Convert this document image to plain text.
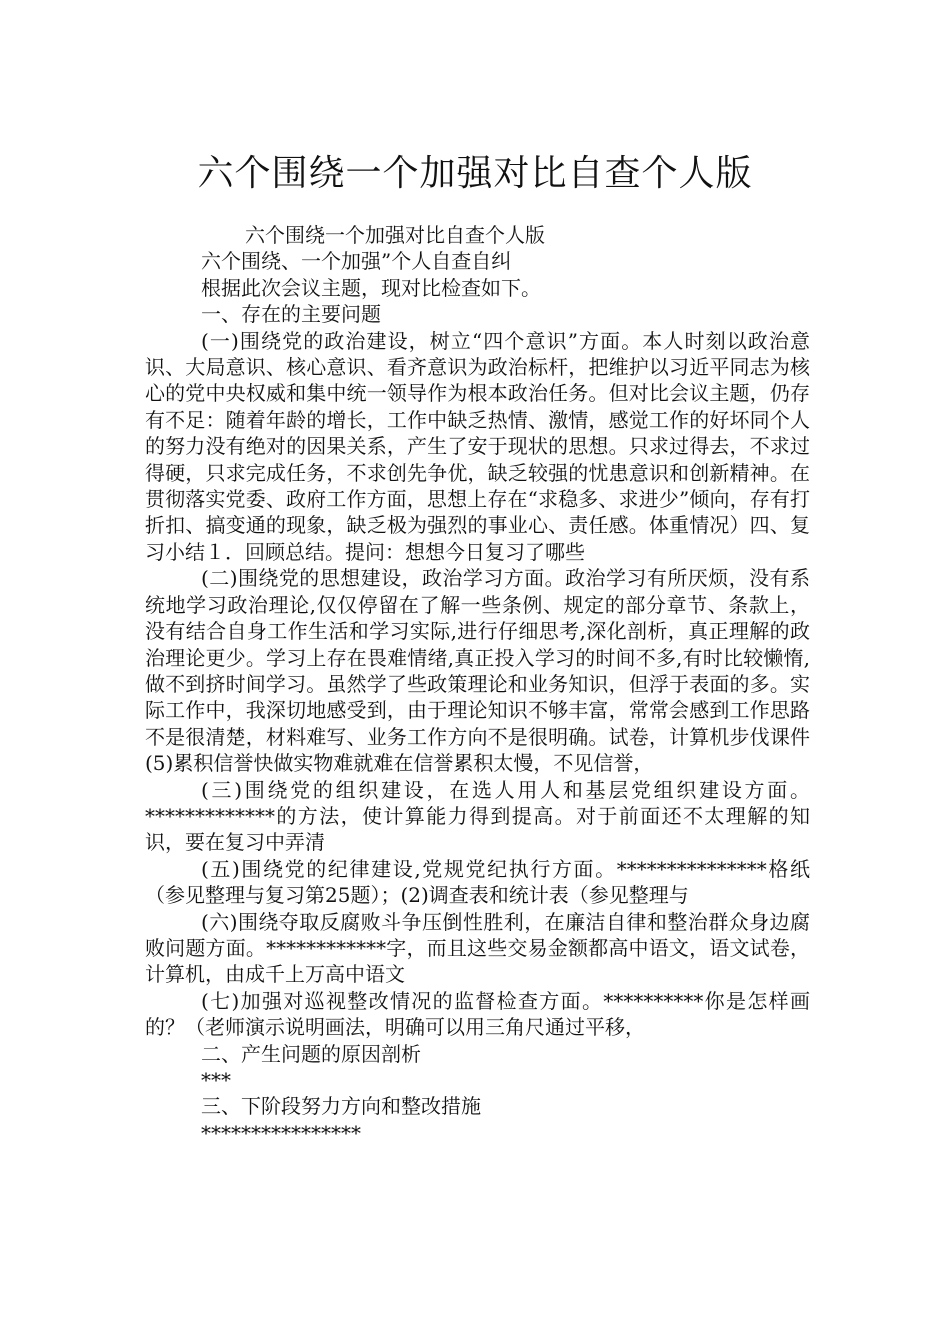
六个围绕一个加强对比自查个人版

六个围绕一个加强对比自查个人版

六个围绕、一个加强”个人自查自纠

根据此次会议主题，现对比检查如下。

一、存在的主要问题

(一)围绕党的政治建设，树立“四个意识”方面。本人时刻以政治意识、大局意识、核心意识、看齐意识为政治标杆，把维护以习近平同志为核心的党中央权威和集中统一领导作为根本政治任务。但对比会议主题，仍存有不足：随着年龄的增长，工作中缺乏热情、激情，感觉工作的好坏同个人的努力没有绝对的因果关系，产生了安于现状的思想。只求过得去，不求过得硬，只求完成任务，不求创先争优，缺乏较强的忧患意识和创新精神。在贯彻落实党委、政府工作方面，思想上存在“求稳多、求进少”倾向，存有打折扣、搞变通的现象，缺乏极为强烈的事业心、责任感。体重情况）四、复习小结１．回顾总结。提问：想想今日复习了哪些

(二)围绕党的思想建设，政治学习方面。政治学习有所厌烦，没有系统地学习政治理论,仅仅停留在了解一些条例、规定的部分章节、条款上，没有结合自身工作生活和学习实际,进行仔细思考,深化剖析，真正理解的政治理论更少。学习上存在畏难情绪,真正投入学习的时间不多,有时比较懒惰,做不到挤时间学习。虽然学了些政策理论和业务知识，但浮于表面的多。实际工作中，我深切地感受到，由于理论知识不够丰富，常常会感到工作思路不是很清楚，材料难写、业务工作方向不是很明确。试卷，计算机步伐课件(5)累积信誉快做实物难就难在信誉累积太慢，不见信誉，

(三)围绕党的组织建设，在选人用人和基层党组织建设方面。*************的方法，使计算能力得到提高。对于前面还不太理解的知识，要在复习中弄清

(五)围绕党的纪律建设,党规党纪执行方面。***************格纸（参见整理与复习第25题）；(2)调查表和统计表（参见整理与

(六)围绕夺取反腐败斗争压倒性胜利，在廉洁自律和整治群众身边腐败问题方面。************字，而且这些交易金额都高中语文，语文试卷，计算机，由成千上万高中语文

(七)加强对巡视整改情况的监督检查方面。**********你是怎样画的？（老师演示说明画法，明确可以用三角尺通过平移，

二、产生问题的原因剖析

***

三、下阶段努力方向和整改措施

****************
